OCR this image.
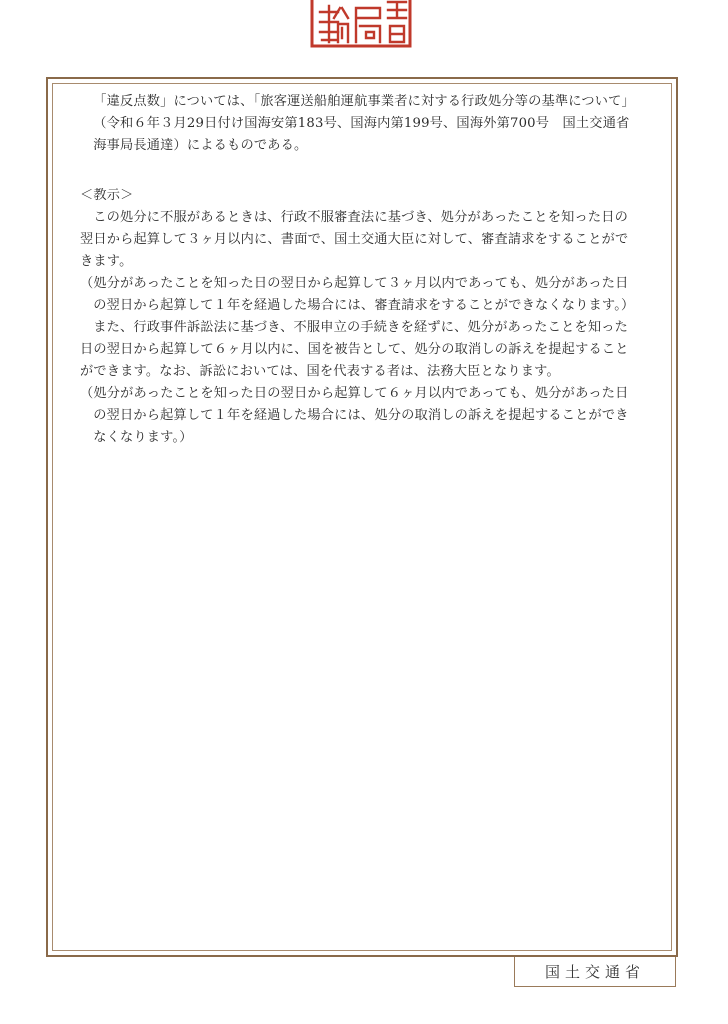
「違反点数」については、「旅客運送船舶運航事業者に対する行政処分等の基準について」

（令和６年３月29日付け国海安第183号、国海内第199号、国海外第700号　国土交通省海事局長通達）によるものである。

＜教示＞

この処分に不服があるときは、行政不服審査法に基づき、処分があったことを知った日の翌日から起算して３ヶ月以内に、書面で、国土交通大臣に対して、審査請求をすることができます。

（処分があったことを知った日の翌日から起算して３ヶ月以内であっても、処分があった日の翌日から起算して１年を経過した場合には、審査請求をすることができなくなります。）

また、行政事件訴訟法に基づき、不服申立の手続きを経ずに、処分があったことを知った日の翌日から起算して６ヶ月以内に、国を被告として、処分の取消しの訴えを提起することができます。なお、訴訟においては、国を代表する者は、法務大臣となります。

（処分があったことを知った日の翌日から起算して６ヶ月以内であっても、処分があった日の翌日から起算して１年を経過した場合には、処分の取消しの訴えを提起することができなくなります。）

国土交通省
